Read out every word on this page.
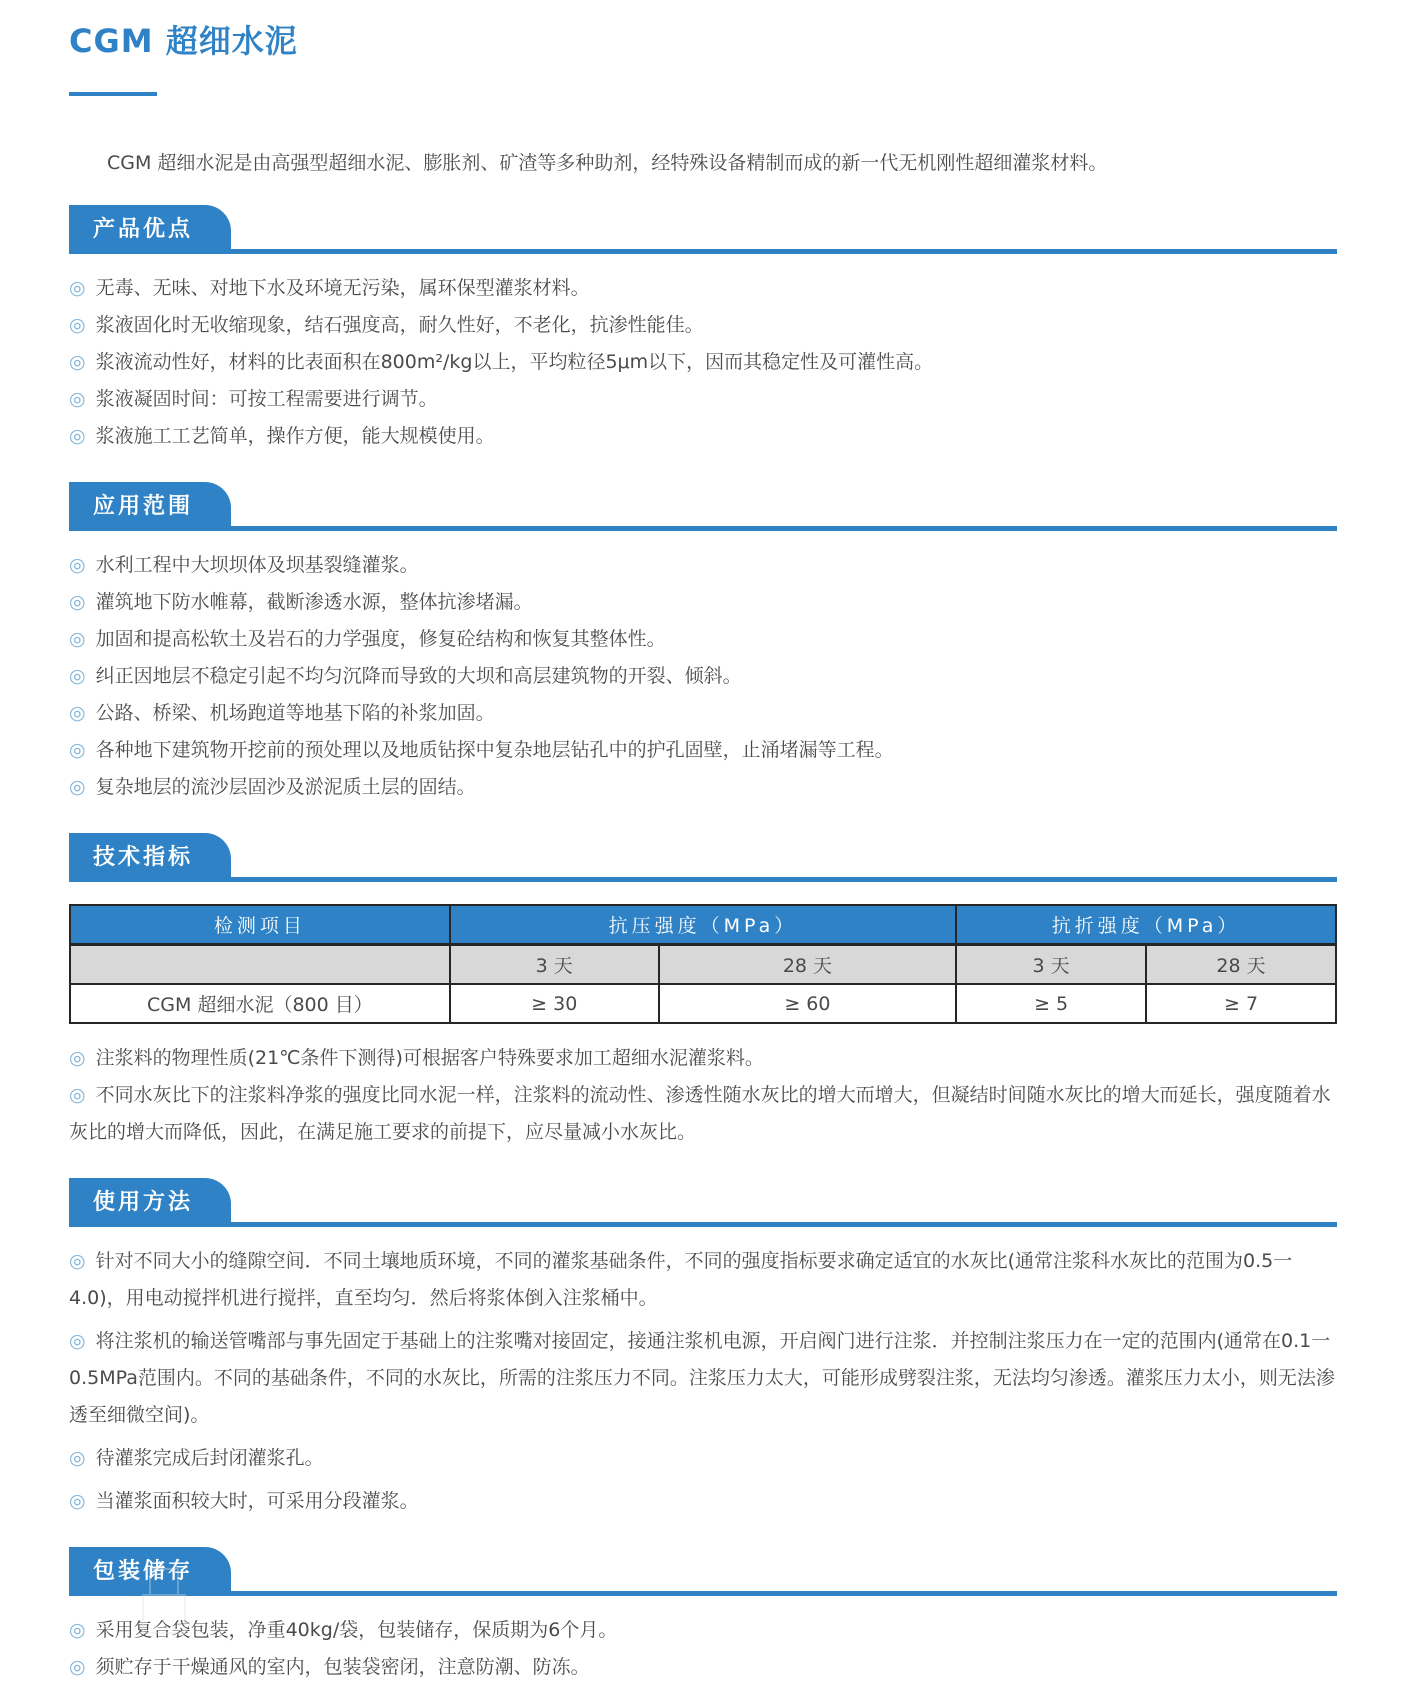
CGM 超细水泥

CGM 超细水泥是由高强型超细水泥、膨胀剂、矿渣等多种助剂，经特殊设备精制而成的新一代无机刚性超细灌浆材料。

产品优点

◎ 无毒、无味、对地下水及环境无污染，属环保型灌浆材料。

◎ 浆液固化时无收缩现象，结石强度高，耐久性好，不老化，抗渗性能佳。

◎ 浆液流动性好，材料的比表面积在800m²/kg以上，平均粒径5μm以下，因而其稳定性及可灌性高。

◎ 浆液凝固时间：可按工程需要进行调节。

◎ 浆液施工工艺简单，操作方便，能大规模使用。

应用范围

◎ 水利工程中大坝坝体及坝基裂缝灌浆。

◎ 灌筑地下防水帷幕，截断渗透水源，整体抗渗堵漏。

◎ 加固和提高松软土及岩石的力学强度，修复砼结构和恢复其整体性。

◎ 纠正因地层不稳定引起不均匀沉降而导致的大坝和高层建筑物的开裂、倾斜。

◎ 公路、桥梁、机场跑道等地基下陷的补浆加固。

◎ 各种地下建筑物开挖前的预处理以及地质钻探中复杂地层钻孔中的护孔固壁，止涌堵漏等工程。

◎ 复杂地层的流沙层固沙及淤泥质土层的固结。

技术指标
检测项目	抗压强度（MPa）		抗折强度（MPa）	
	3 天	28 天	3 天	28 天
CGM 超细水泥（800 目）	≥ 30	≥ 60	≥ 5	≥ 7

◎ 注浆料的物理性质(21℃条件下测得)可根据客户特殊要求加工超细水泥灌浆料。

◎ 不同水灰比下的注浆料净浆的强度比同水泥一样，注浆料的流动性、渗透性随水灰比的增大而增大，但凝结时间随水灰比的增大而延长，强度随着水灰比的增大而降低，因此，在满足施工要求的前提下，应尽量减小水灰比。

使用方法

◎ 针对不同大小的缝隙空间．不同土壤地质环境，不同的灌浆基础条件，不同的强度指标要求确定适宜的水灰比(通常注浆科水灰比的范围为0.5一4.0)，用电动搅拌机进行搅拌，直至均匀．然后将浆体倒入注浆桶中。

◎ 将注浆机的输送管嘴部与事先固定于基础上的注浆嘴对接固定，接通注浆机电源，开启阀门进行注浆．并控制注浆压力在一定的范围内(通常在0.1一0.5MPa范围内。不同的基础条件，不同的水灰比，所需的注浆压力不同。注浆压力太大，可能形成劈裂注浆，无法均匀渗透。灌浆压力太小，则无法渗透至细微空间)。

◎ 待灌浆完成后封闭灌浆孔。

◎ 当灌浆面积较大时，可采用分段灌浆。

包装储存

◎ 采用复合袋包装，净重40kg/袋，包装储存，保质期为6个月。

◎ 须贮存于干燥通风的室内，包装袋密闭，注意防潮、防冻。
